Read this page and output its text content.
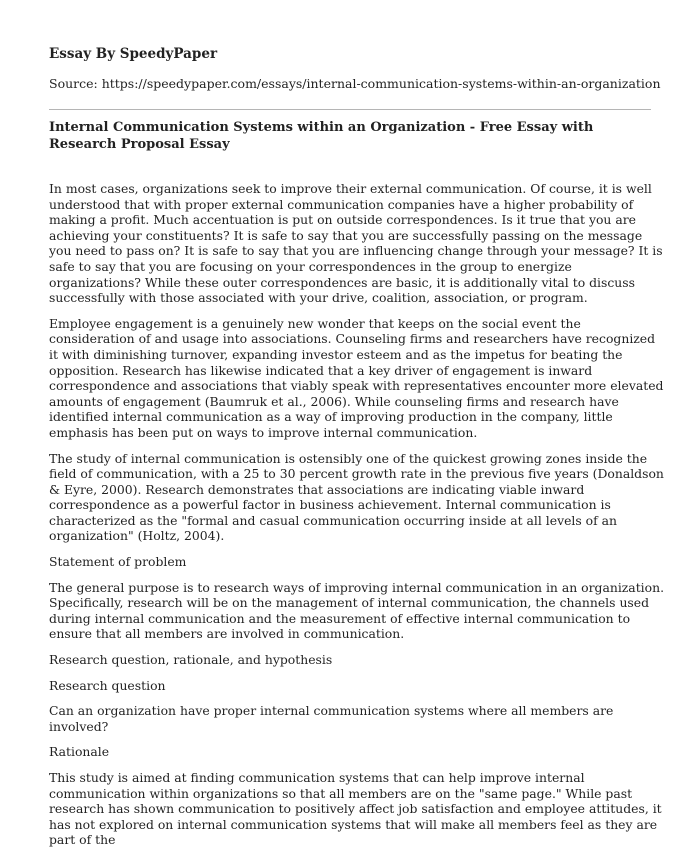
Essay By SpeedyPaper
Source: https://speedypaper.com/essays/internal-communication-systems-within-an-organization
Internal Communication Systems within an Organization - Free Essay with Research Proposal Essay

In most cases, organizations seek to improve their external communication. Of course, it is well understood that with proper external communication companies have a higher probability of making a profit. Much accentuation is put on outside correspondences. Is it true that you are achieving your constituents? It is safe to say that you are successfully passing on the message you need to pass on? It is safe to say that you are influencing change through your message? It is safe to say that you are focusing on your correspondences in the group to energize organizations? While these outer correspondences are basic, it is additionally vital to discuss successfully with those associated with your drive, coalition, association, or program.

Employee engagement is a genuinely new wonder that keeps on the social event the consideration of and usage into associations. Counseling firms and researchers have recognized it with diminishing turnover, expanding investor esteem and as the impetus for beating the opposition. Research has likewise indicated that a key driver of engagement is inward correspondence and associations that viably speak with representatives encounter more elevated amounts of engagement (Baumruk et al., 2006). While counseling firms and research have identified internal communication as a way of improving production in the company, little emphasis has been put on ways to improve internal communication.

The study of internal communication is ostensibly one of the quickest growing zones inside the field of communication, with a 25 to 30 percent growth rate in the previous five years (Donaldson & Eyre, 2000). Research demonstrates that associations are indicating viable inward correspondence as a powerful factor in business achievement. Internal communication is characterized as the "formal and casual communication occurring inside at all levels of an organization" (Holtz, 2004).

Statement of problem

The general purpose is to research ways of improving internal communication in an organization. Specifically, research will be on the management of internal communication, the channels used during internal communication and the measurement of effective internal communication to ensure that all members are involved in communication.

Research question, rationale, and hypothesis

Research question

Can an organization have proper internal communication systems where all members are involved?

Rationale

This study is aimed at finding communication systems that can help improve internal communication within organizations so that all members are on the "same page." While past research has shown communication to positively affect job satisfaction and employee attitudes, it has not explored on internal communication systems that will make all members feel as they are part of the
